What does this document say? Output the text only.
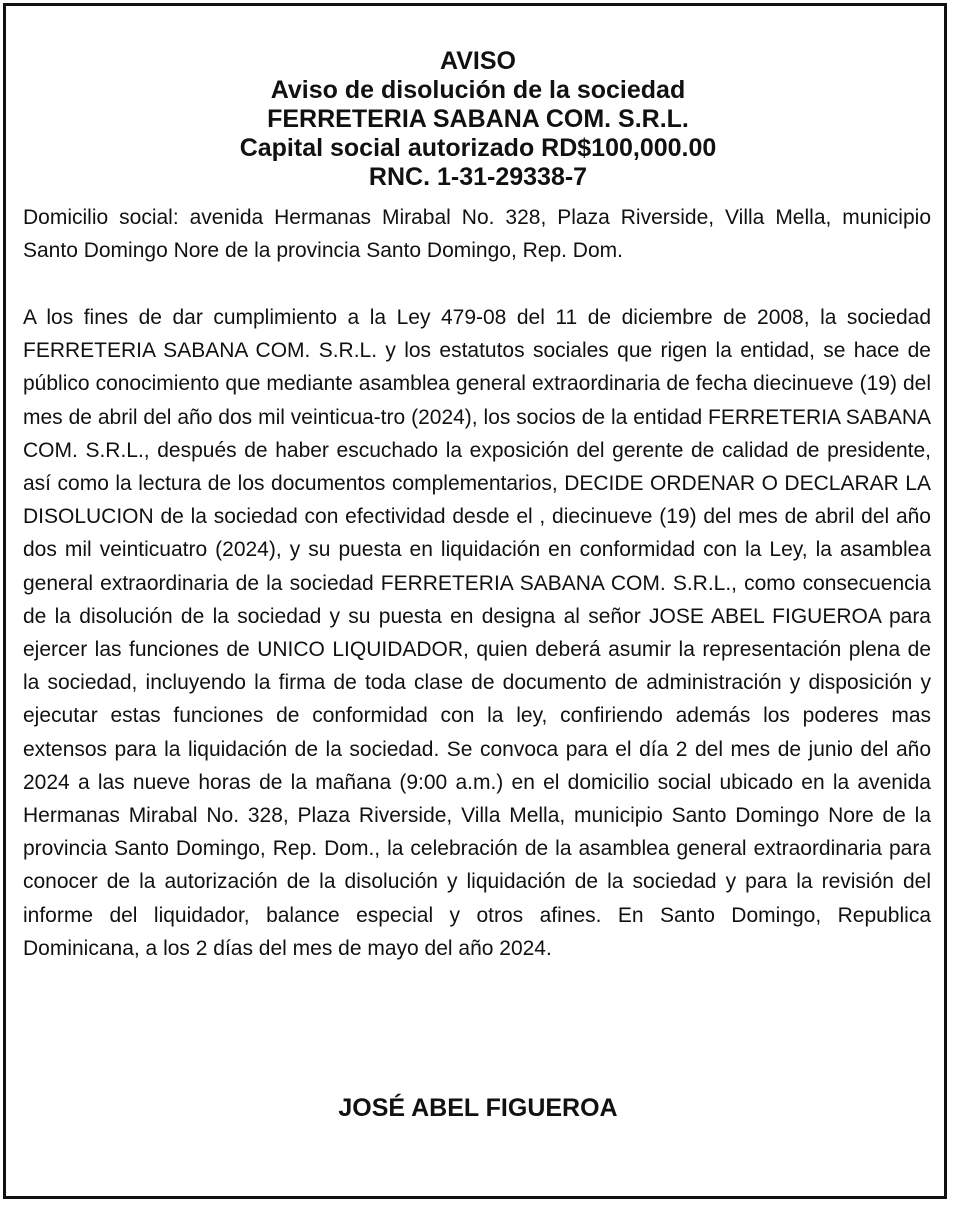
AVISO
Aviso de disolución de la sociedad
FERRETERIA SABANA COM. S.R.L.
Capital social autorizado RD$100,000.00
RNC. 1-31-29338-7

Domicilio social: avenida Hermanas Mirabal No. 328, Plaza Riverside, Villa Mella, municipio Santo Domingo Nore de la provincia Santo Domingo, Rep. Dom.

A los fines de dar cumplimiento a la Ley 479-08 del 11 de diciembre de 2008, la sociedad FERRETERIA SABANA COM. S.R.L. y los estatutos sociales que rigen la entidad, se hace de público conocimiento que mediante asamblea general extraordinaria de fecha diecinueve (19) del mes de abril del año dos mil veinticua-tro (2024), los socios de la entidad FERRETERIA SABANA COM. S.R.L., después de haber escuchado la exposición del gerente de calidad de presidente, así como la lectura de los documentos complementarios, DECIDE ORDENAR O DECLARAR LA DISOLUCION de la sociedad con efectividad desde el , diecinueve (19) del mes de abril del año dos mil veinticuatro (2024), y su puesta en liquidación en conformidad con la Ley, la asamblea general extraordinaria de la sociedad FERRETERIA SABANA COM. S.R.L., como consecuencia de la disolución de la sociedad y su puesta en designa al señor JOSE ABEL FIGUEROA para ejercer las funciones de UNICO LIQUIDADOR, quien deberá asumir la representación plena de la sociedad, incluyendo la firma de toda clase de documento de administración y disposición y ejecutar estas funciones de conformidad con la ley, confiriendo además los poderes mas extensos para la liquidación de la sociedad. Se convoca para el día 2 del mes de junio del año 2024 a las nueve horas de la mañana (9:00 a.m.) en el domicilio social ubicado en la avenida Hermanas Mirabal No. 328, Plaza Riverside, Villa Mella, municipio Santo Domingo Nore de la provincia Santo Domingo, Rep. Dom., la celebración de la asamblea general extraordinaria para conocer de la autorización de la disolución y liquidación de la sociedad y para la revisión del informe del liquidador, balance especial y otros afines. En Santo Domingo, Republica Dominicana, a los 2 días del mes de mayo del año 2024.

JOSÉ ABEL FIGUEROA
